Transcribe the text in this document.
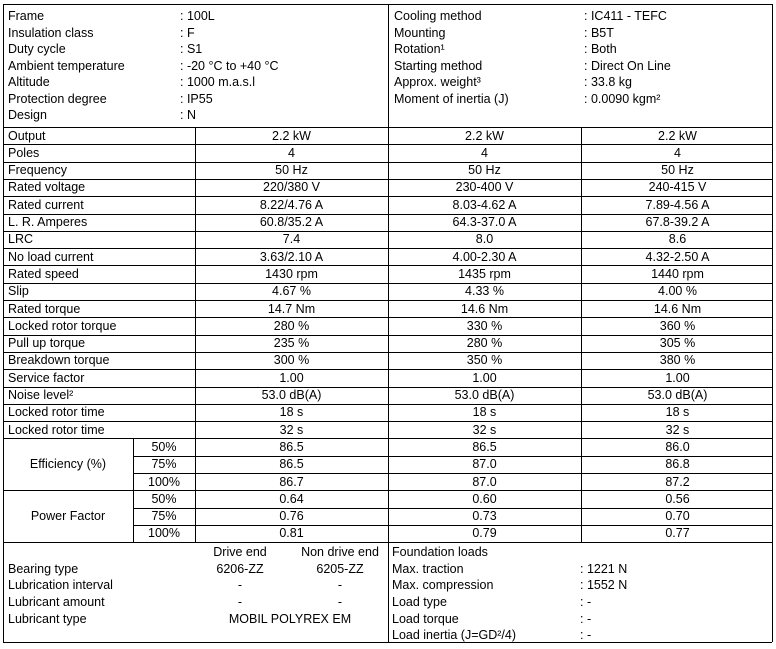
Frame	: 100L
Insulation class	: F
Duty cycle	: S1
Ambient temperature	: -20 °C to +40 °C
Altitude	: 1000 m.a.s.l
Protection degree	: IP55
Design	: N
Cooling method	: IC411 - TEFC
Mounting	: B5T
Rotation¹	: Both
Starting method	: Direct On Line
Approx. weight³	: 33.8 kg
Moment of inertia (J)	: 0.0090 kgm²
Output	2.2 kW	2.2 kW	2.2 kW
Poles	4	4	4
Frequency	50 Hz	50 Hz	50 Hz
Rated voltage	220/380 V	230-400 V	240-415 V
Rated current	8.22/4.76 A	8.03-4.62 A	7.89-4.56 A
L. R. Amperes	60.8/35.2 A	64.3-37.0 A	67.8-39.2 A
LRC	7.4	8.0	8.6
No load current	3.63/2.10 A	4.00-2.30 A	4.32-2.50 A
Rated speed	1430 rpm	1435 rpm	1440 rpm
Slip	4.67 %	4.33 %	4.00 %
Rated torque	14.7 Nm	14.6 Nm	14.6 Nm
Locked rotor torque	280 %	330 %	360 %
Pull up torque	235 %	280 %	305 %
Breakdown torque	300 %	350 %	380 %
Service factor	1.00	1.00	1.00
Noise level²	53.0 dB(A)	53.0 dB(A)	53.0 dB(A)
Locked rotor time	18 s	18 s	18 s
Locked rotor time	32 s	32 s	32 s
Efficiency (%)
50%	86.5	86.5	86.0
75%	86.5	87.0	86.8
100%	86.7	87.0	87.2
Power Factor
50%	0.64	0.60	0.56
75%	0.76	0.73	0.70
100%	0.81	0.79	0.77
Drive end	Non drive end
Bearing type	6206-ZZ	6205-ZZ
Lubrication interval	-	-
Lubricant amount	-	-
Lubricant type	MOBIL POLYREX EM
Foundation loads
Max. traction	: 1221 N
Max. compression	: 1552 N
Load type	: -
Load torque	: -
Load inertia (J=GD²/4)	: -
